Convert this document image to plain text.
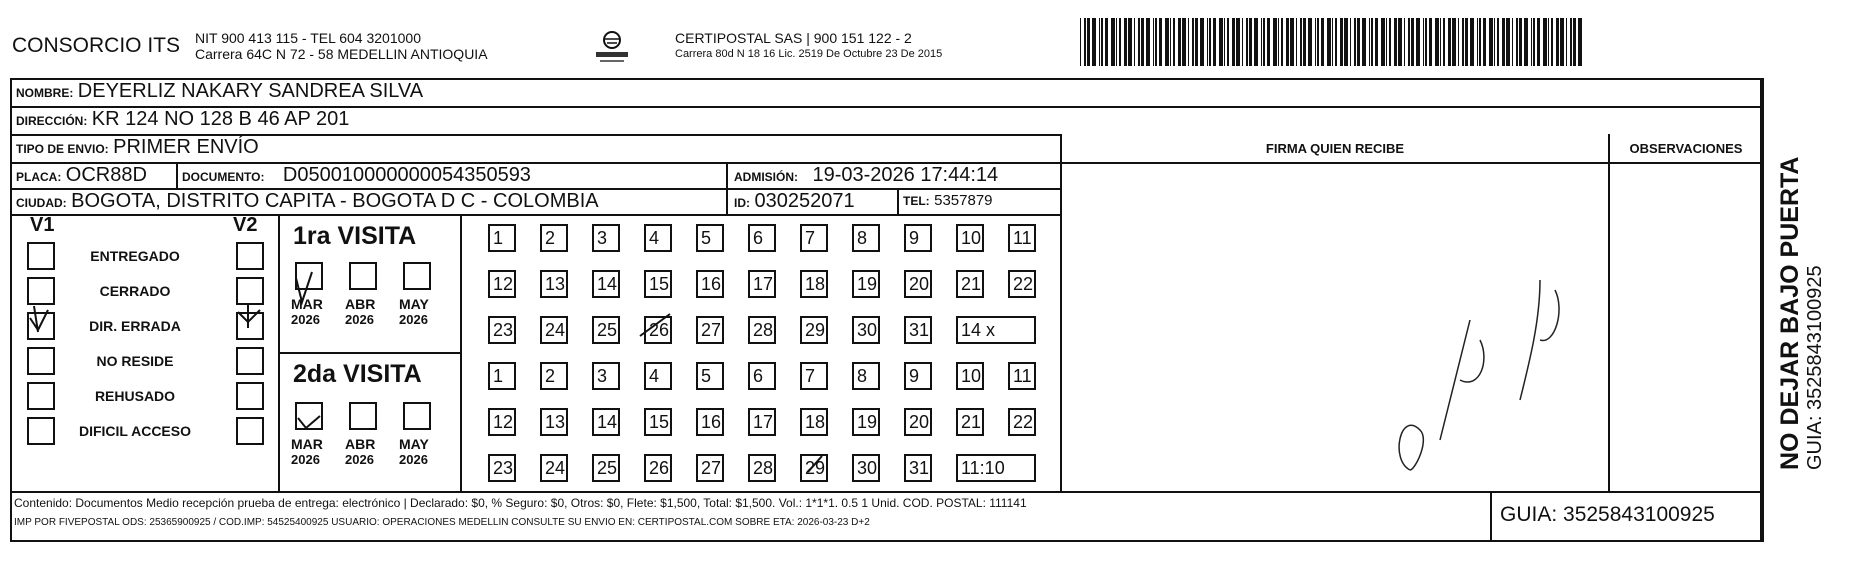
CONSORCIO ITS NIT 900 413 115 - TEL 604 3201000
Carrera 64C N 72 - 58 MEDELLIN ANTIOQUIA
CERTIPOSTAL SAS | 900 151 122 - 2
Carrera 80d N 18 16 Lic. 2519 De Octubre 23 De 2015
NOMBRE: DEYERLIZ NAKARY SANDREA SILVA
DIRECCIÓN: KR 124 NO 128 B 46 AP 201
TIPO DE ENVIO: PRIMER ENVÍO
PLACA: OCR88D	DOCUMENTO: D050010000000054350593	ADMISIÓN: 19-03-2026 17:44:14
CIUDAD: BOGOTA, DISTRITO CAPITA - BOGOTA D C - COLOMBIA	ID: 030252071	TEL: 5357879
FIRMA QUIEN RECIBE	OBSERVACIONES
V1	V2
ENTREGADO
CERRADO
DIR. ERRADA
NO RESIDE
REHUSADO
DIFICIL ACCESO
1ra VISITA
2da VISITA
MAR
2026
ABR
2026
MAY
2026
MAR
2026
ABR
2026
MAY
2026
1	2	3	4	5	6	7	8	9	10 11
12 13 14 15 16 17 18 19 20 21 22
23 24 25 26 27 28 29 30 31 14 x
1	2	3	4	5	6	7	8	9	10 11
12 13 14 15 16 17 18 19 20 21 22
23 24 25 26 27 28 29 30 31 11:10
Contenido: Documentos Medio recepción prueba de entrega: electrónico | Declarado: $0, % Seguro: $0, Otros: $0, Flete: $1,500, Total: $1,500. Vol.: 1*1*1. 0.5 1 Unid. COD. POSTAL: 111141
IMP POR FIVEPOSTAL ODS: 25365900925 / COD.IMP: 54525400925 USUARIO: OPERACIONES MEDELLIN CONSULTE SU ENVIO EN: CERTIPOSTAL.COM SOBRE ETA: 2026-03-23 D+2	GUIA: 3525843100925
NO DEJAR BAJO PUERTA GUIA: 3525843100925
